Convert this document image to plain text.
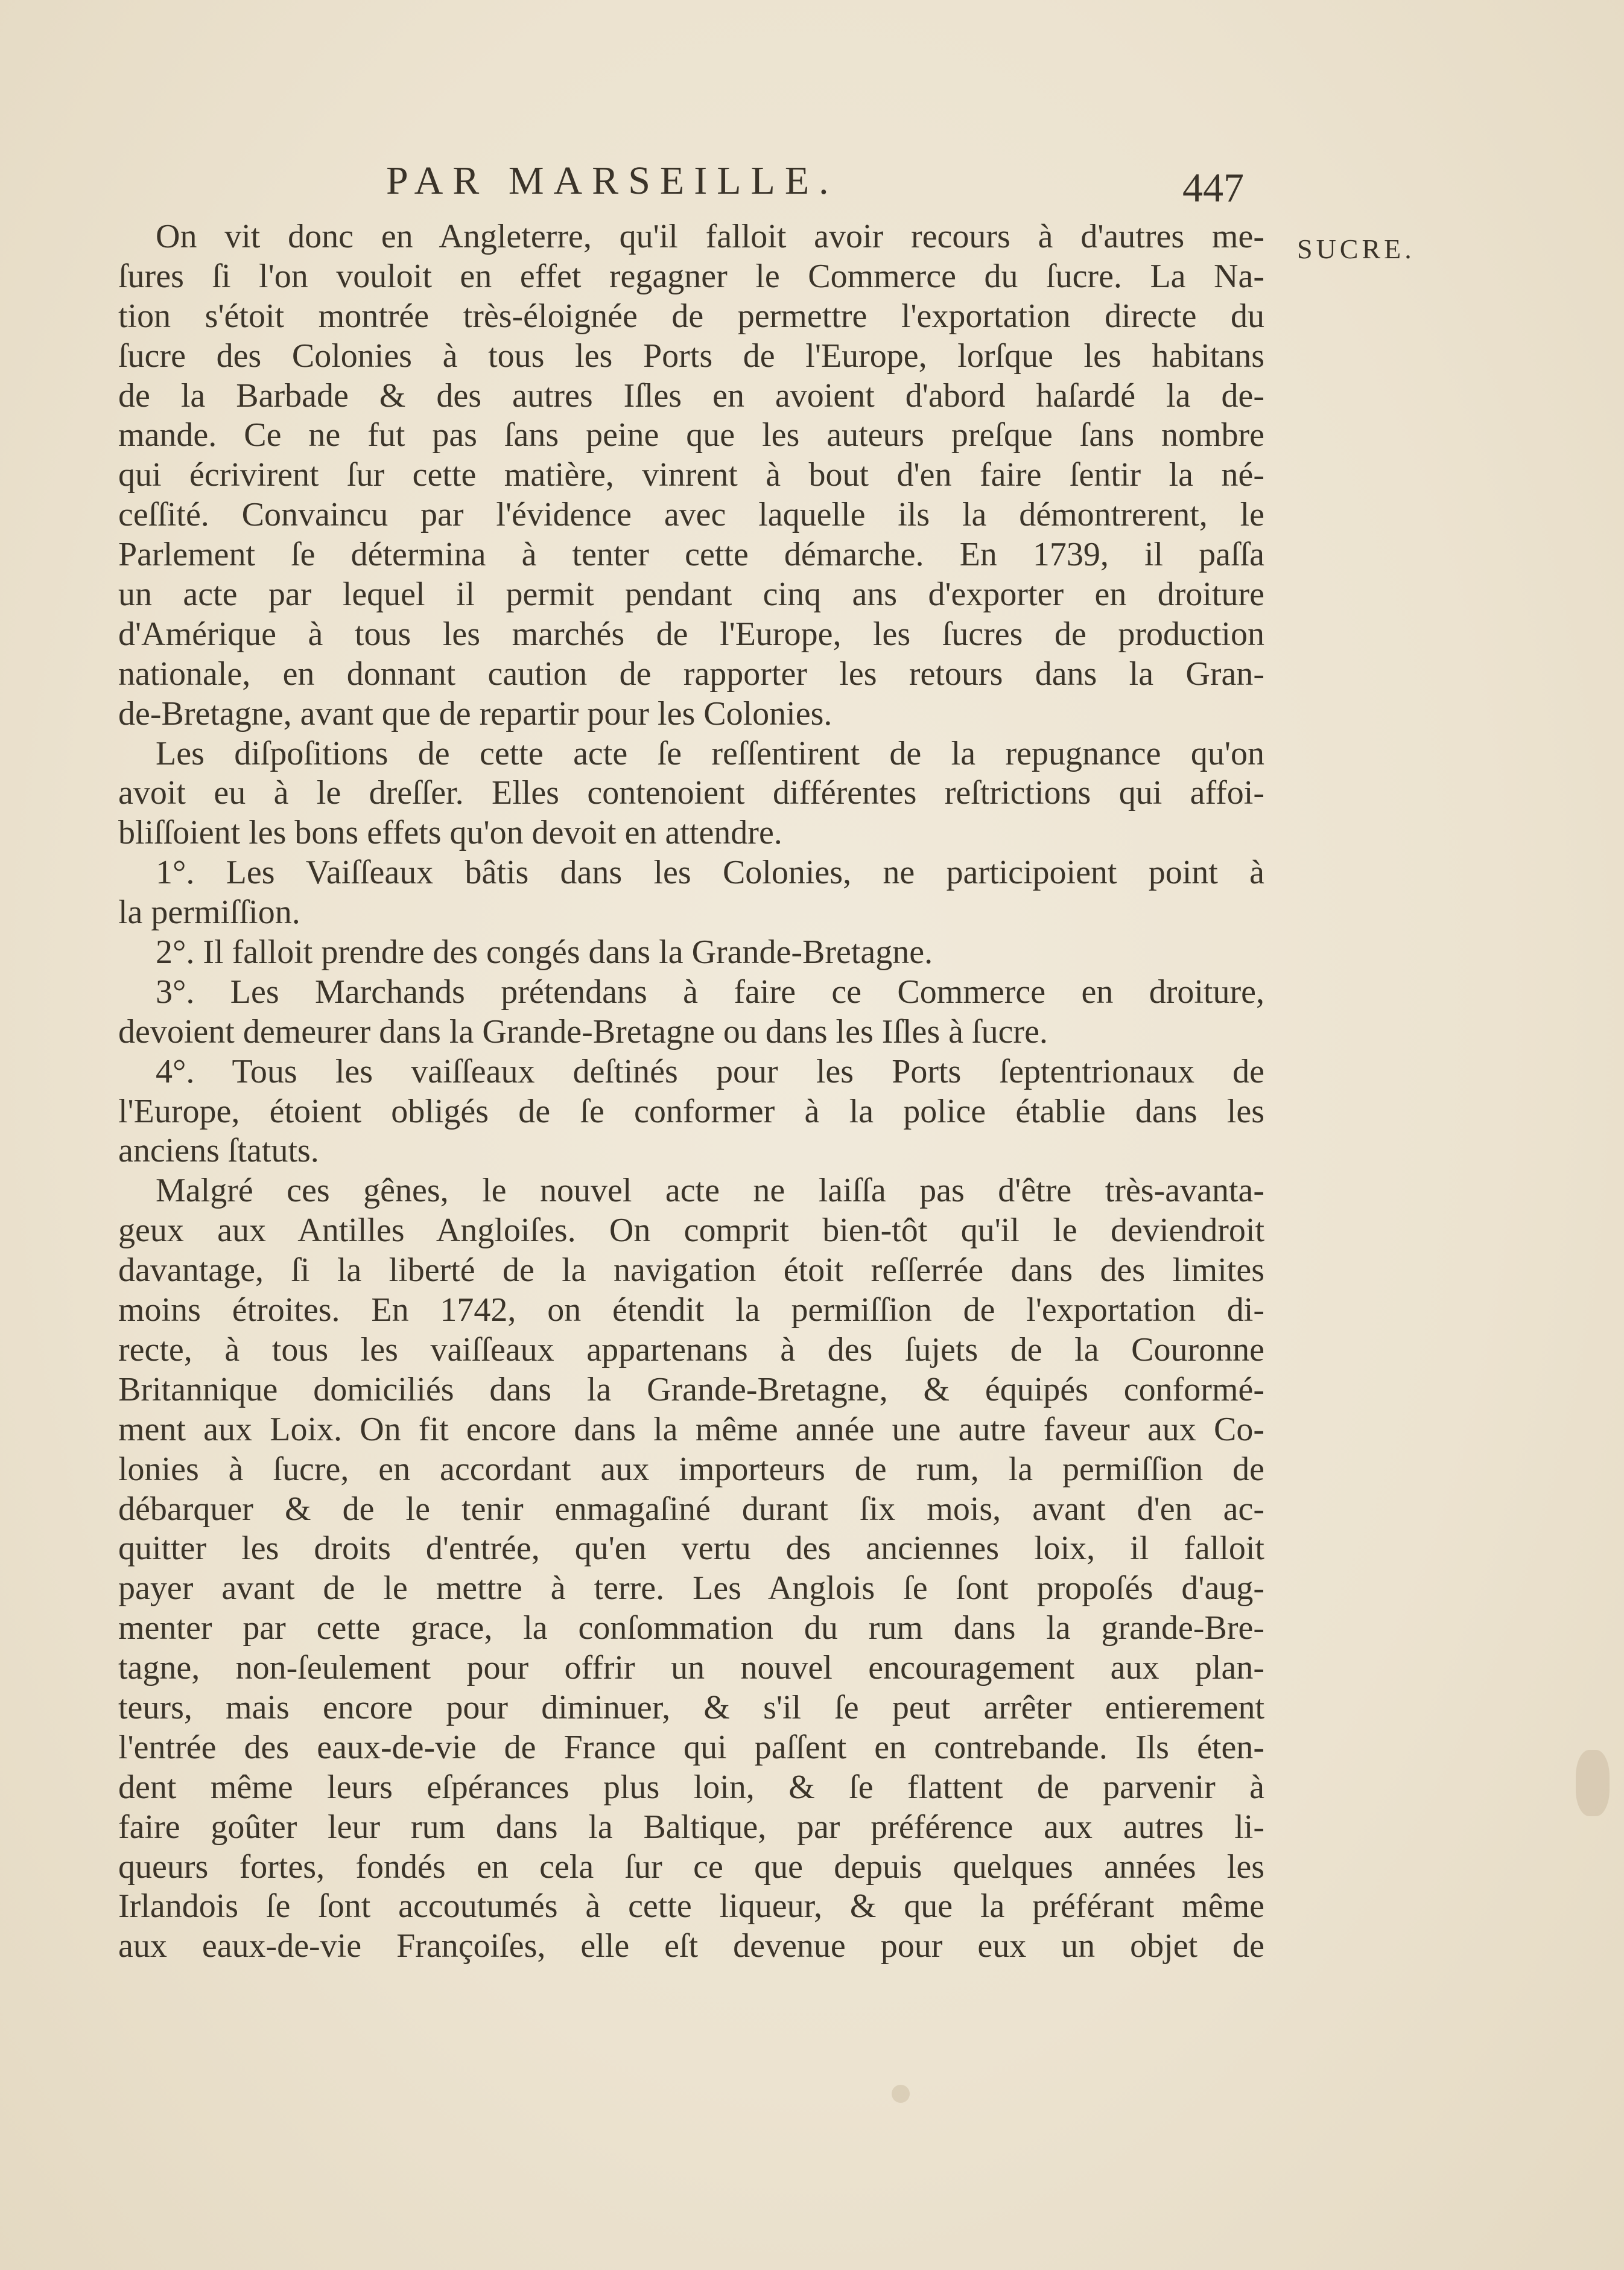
PAR MARSEILLE.	447
SUCRE.
On vit donc en Angleterre, qu'il falloit avoir recours à d'autres me-
ſures ſi l'on vouloit en effet regagner le Commerce du ſucre. La Na-
tion s'étoit montrée très-éloignée de permettre l'exportation directe du
ſucre des Colonies à tous les Ports de l'Europe, lorſque les habitans
de la Barbade & des autres Iſles en avoient d'abord haſardé la de-
mande. Ce ne fut pas ſans peine que les auteurs preſque ſans nombre
qui écrivirent ſur cette matière, vinrent à bout d'en faire ſentir la né-
ceſſité. Convaincu par l'évidence avec laquelle ils la démontrerent, le
Parlement ſe détermina à tenter cette démarche. En 1739, il paſſa
un acte par lequel il permit pendant cinq ans d'exporter en droiture
d'Amérique à tous les marchés de l'Europe, les ſucres de production
nationale, en donnant caution de rapporter les retours dans la Gran-
de-Bretagne, avant que de repartir pour les Colonies.
Les diſpoſitions de cette acte ſe reſſentirent de la repugnance qu'on
avoit eu à le dreſſer. Elles contenoient différentes reſtrictions qui affoi-
bliſſoient les bons effets qu'on devoit en attendre.
1°. Les Vaiſſeaux bâtis dans les Colonies, ne participoient point à
la permiſſion.
2°. Il falloit prendre des congés dans la Grande-Bretagne.
3°. Les Marchands prétendans à faire ce Commerce en droiture,
devoient demeurer dans la Grande-Bretagne ou dans les Iſles à ſucre.
4°. Tous les vaiſſeaux deſtinés pour les Ports ſeptentrionaux de
l'Europe, étoient obligés de ſe conformer à la police établie dans les
anciens ſtatuts.
Malgré ces gênes, le nouvel acte ne laiſſa pas d'être très-avanta-
geux aux Antilles Angloiſes. On comprit bien-tôt qu'il le deviendroit
davantage, ſi la liberté de la navigation étoit reſſerrée dans des limites
moins étroites. En 1742, on étendit la permiſſion de l'exportation di-
recte, à tous les vaiſſeaux appartenans à des ſujets de la Couronne
Britannique domiciliés dans la Grande-Bretagne, & équipés conformé-
ment aux Loix. On fit encore dans la même année une autre faveur aux Co-
lonies à ſucre, en accordant aux importeurs de rum, la permiſſion de
débarquer & de le tenir enmagaſiné durant ſix mois, avant d'en ac-
quitter les droits d'entrée, qu'en vertu des anciennes loix, il falloit
payer avant de le mettre à terre. Les Anglois ſe ſont propoſés d'aug-
menter par cette grace, la conſommation du rum dans la grande-Bre-
tagne, non-ſeulement pour offrir un nouvel encouragement aux plan-
teurs, mais encore pour diminuer, & s'il ſe peut arrêter entierement
l'entrée des eaux-de-vie de France qui paſſent en contrebande. Ils éten-
dent même leurs eſpérances plus loin, & ſe flattent de parvenir à
faire goûter leur rum dans la Baltique, par préférence aux autres li-
queurs fortes, fondés en cela ſur ce que depuis quelques années les
Irlandois ſe ſont accoutumés à cette liqueur, & que la préférant même
aux eaux-de-vie Françoiſes, elle eſt devenue pour eux un objet de
